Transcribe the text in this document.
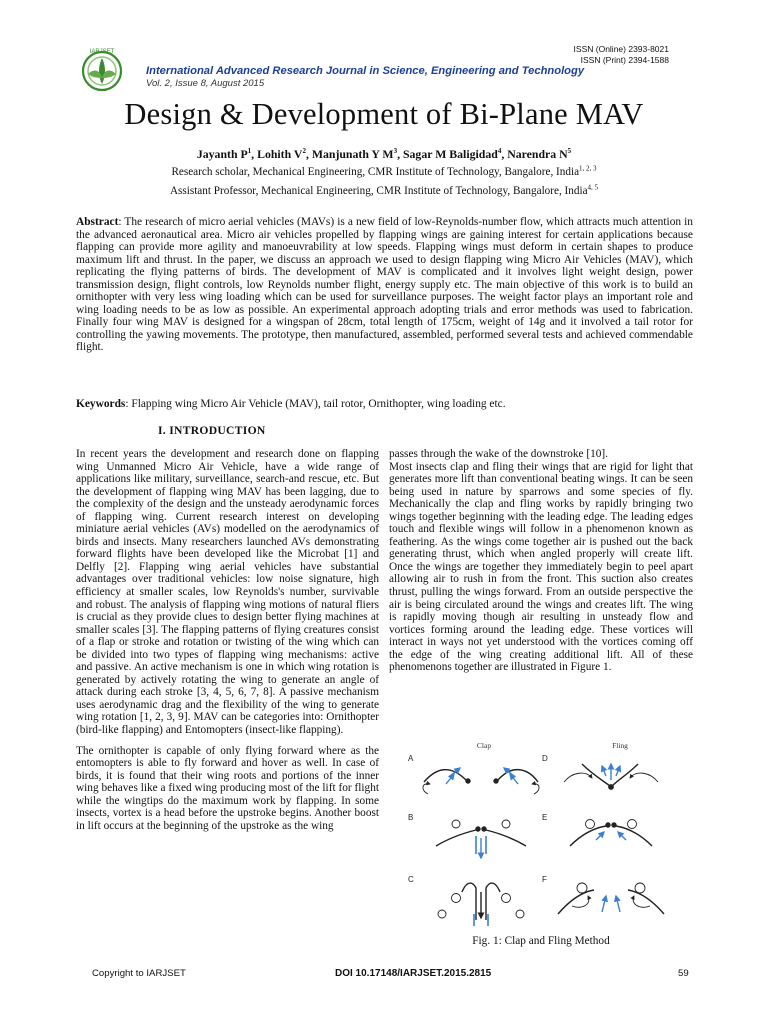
IARJSET	ISSN (Online) 2393-8021
ISSN (Print) 2394-1588
International Advanced Research Journal in Science, Engineering and Technology
Vol. 2, Issue 8, August 2015
Design & Development of Bi-Plane MAV
Jayanth $P^1$, Lohith $V^2$, Manjunath Y $M^3$, Sagar M Baligidad$^4$, Narendra $N^5$
Research scholar, Mechanical Engineering, CMR Institute of Technology, Bangalore, India$^{1, 2, 3}$
Assistant Professor, Mechanical Engineering, CMR Institute of Technology, Bangalore, India$^{4, 5}$
Abstract: The research of micro aerial vehicles (MAVs) is a new field of low-Reynolds-number flow, which attracts much attention in the advanced aeronautical area. Micro air vehicles propelled by flapping wings are gaining interest for certain applications because flapping can provide more agility and manoeuvrability at low speeds. Flapping wings must deform in certain shapes to produce maximum lift and thrust. In the paper, we discuss an approach we used to design flapping wing Micro Air Vehicles (MAV), which replicating the flying patterns of birds. The development of MAV is complicated and it involves light weight design, power transmission design, flight controls, low Reynolds number flight, energy supply etc. The main objective of this work is to build an ornithopter with very less wing loading which can be used for surveillance purposes. The weight factor plays an important role and wing loading needs to be as low as possible. An experimental approach adopting trials and error methods was used to fabrication. Finally four wing MAV is designed for a wingspan of 28cm, total length of 175cm, weight of 14g and it involved a tail rotor for controlling the yawing movements. The prototype, then manufactured, assembled, performed several tests and achieved commendable flight.
Keywords: Flapping wing Micro Air Vehicle (MAV), tail rotor, Ornithopter, wing loading etc.
I. INTRODUCTION

In recent years the development and research done on flapping wing Unmanned Micro Air Vehicle, have a wide range of applications like military, surveillance, search-and rescue, etc. But the development of flapping wing MAV has been lagging, due to the complexity of the design and the unsteady aerodynamic forces of flapping wing. Current research interest on developing miniature aerial vehicles (AVs) modelled on the aerodynamics of birds and insects. Many researchers launched AVs demonstrating forward flights have been developed like the Microbat [1] and Delfly [2]. Flapping wing aerial vehicles have substantial advantages over traditional vehicles: low noise signature, high efficiency at smaller scales, low Reynolds's number, survivable and robust. The analysis of flapping wing motions of natural fliers is crucial as they provide clues to design better flying machines at smaller scales [3]. The flapping patterns of flying creatures consist of a flap or stroke and rotation or twisting of the wing which can be divided into two types of flapping wing mechanisms: active and passive. An active mechanism is one in which wing rotation is generated by actively rotating the wing to generate an angle of attack during each stroke [3, 4, 5, 6, 7, 8]. A passive mechanism uses aerodynamic drag and the flexibility of the wing to generate wing rotation [1, 2, 3, 9]. MAV can be categories into: Ornithopter (bird-like flapping) and Entomopters (insect-like flapping).

The ornithopter is capable of only flying forward where as the entomopters is able to fly forward and hover as well. In case of birds, it is found that their wing roots and portions of the inner wing behaves like a fixed wing producing most of the lift for flight while the wingtips do the maximum work by flapping. In some insects, vortex is a head before the upstroke begins. Another boost in lift occurs at the beginning of the upstroke as the wing

passes through the wake of the downstroke [10].

Most insects clap and fling their wings that are rigid for light that generates more lift than conventional beating wings. It can be seen being used in nature by sparrows and some species of fly. Mechanically the clap and fling works by rapidly bringing two wings together beginning with the leading edge. The leading edges touch and flexible wings will follow in a phenomenon known as feathering. As the wings come together air is pushed out the back generating thrust, which when angled properly will create lift. Once the wings are together they immediately begin to peel apart allowing air to rush in from the front. This suction also creates thrust, pulling the wings forward. From an outside perspective the air is being circulated around the wings and creates lift. The wing is rapidly moving though air resulting in unsteady flow and vortices forming around the leading edge. These vortices will interact in ways not yet understood with the vortices coming off the edge of the wing creating additional lift. All of these phenomenons together are illustrated in Figure 1.

Clap	Fling
A
B
C
D
E
F
Fig. 1: Clap and Fling Method
Copyright to IARJSET	DOI 10.17148/IARJSET.2015.2815	59
